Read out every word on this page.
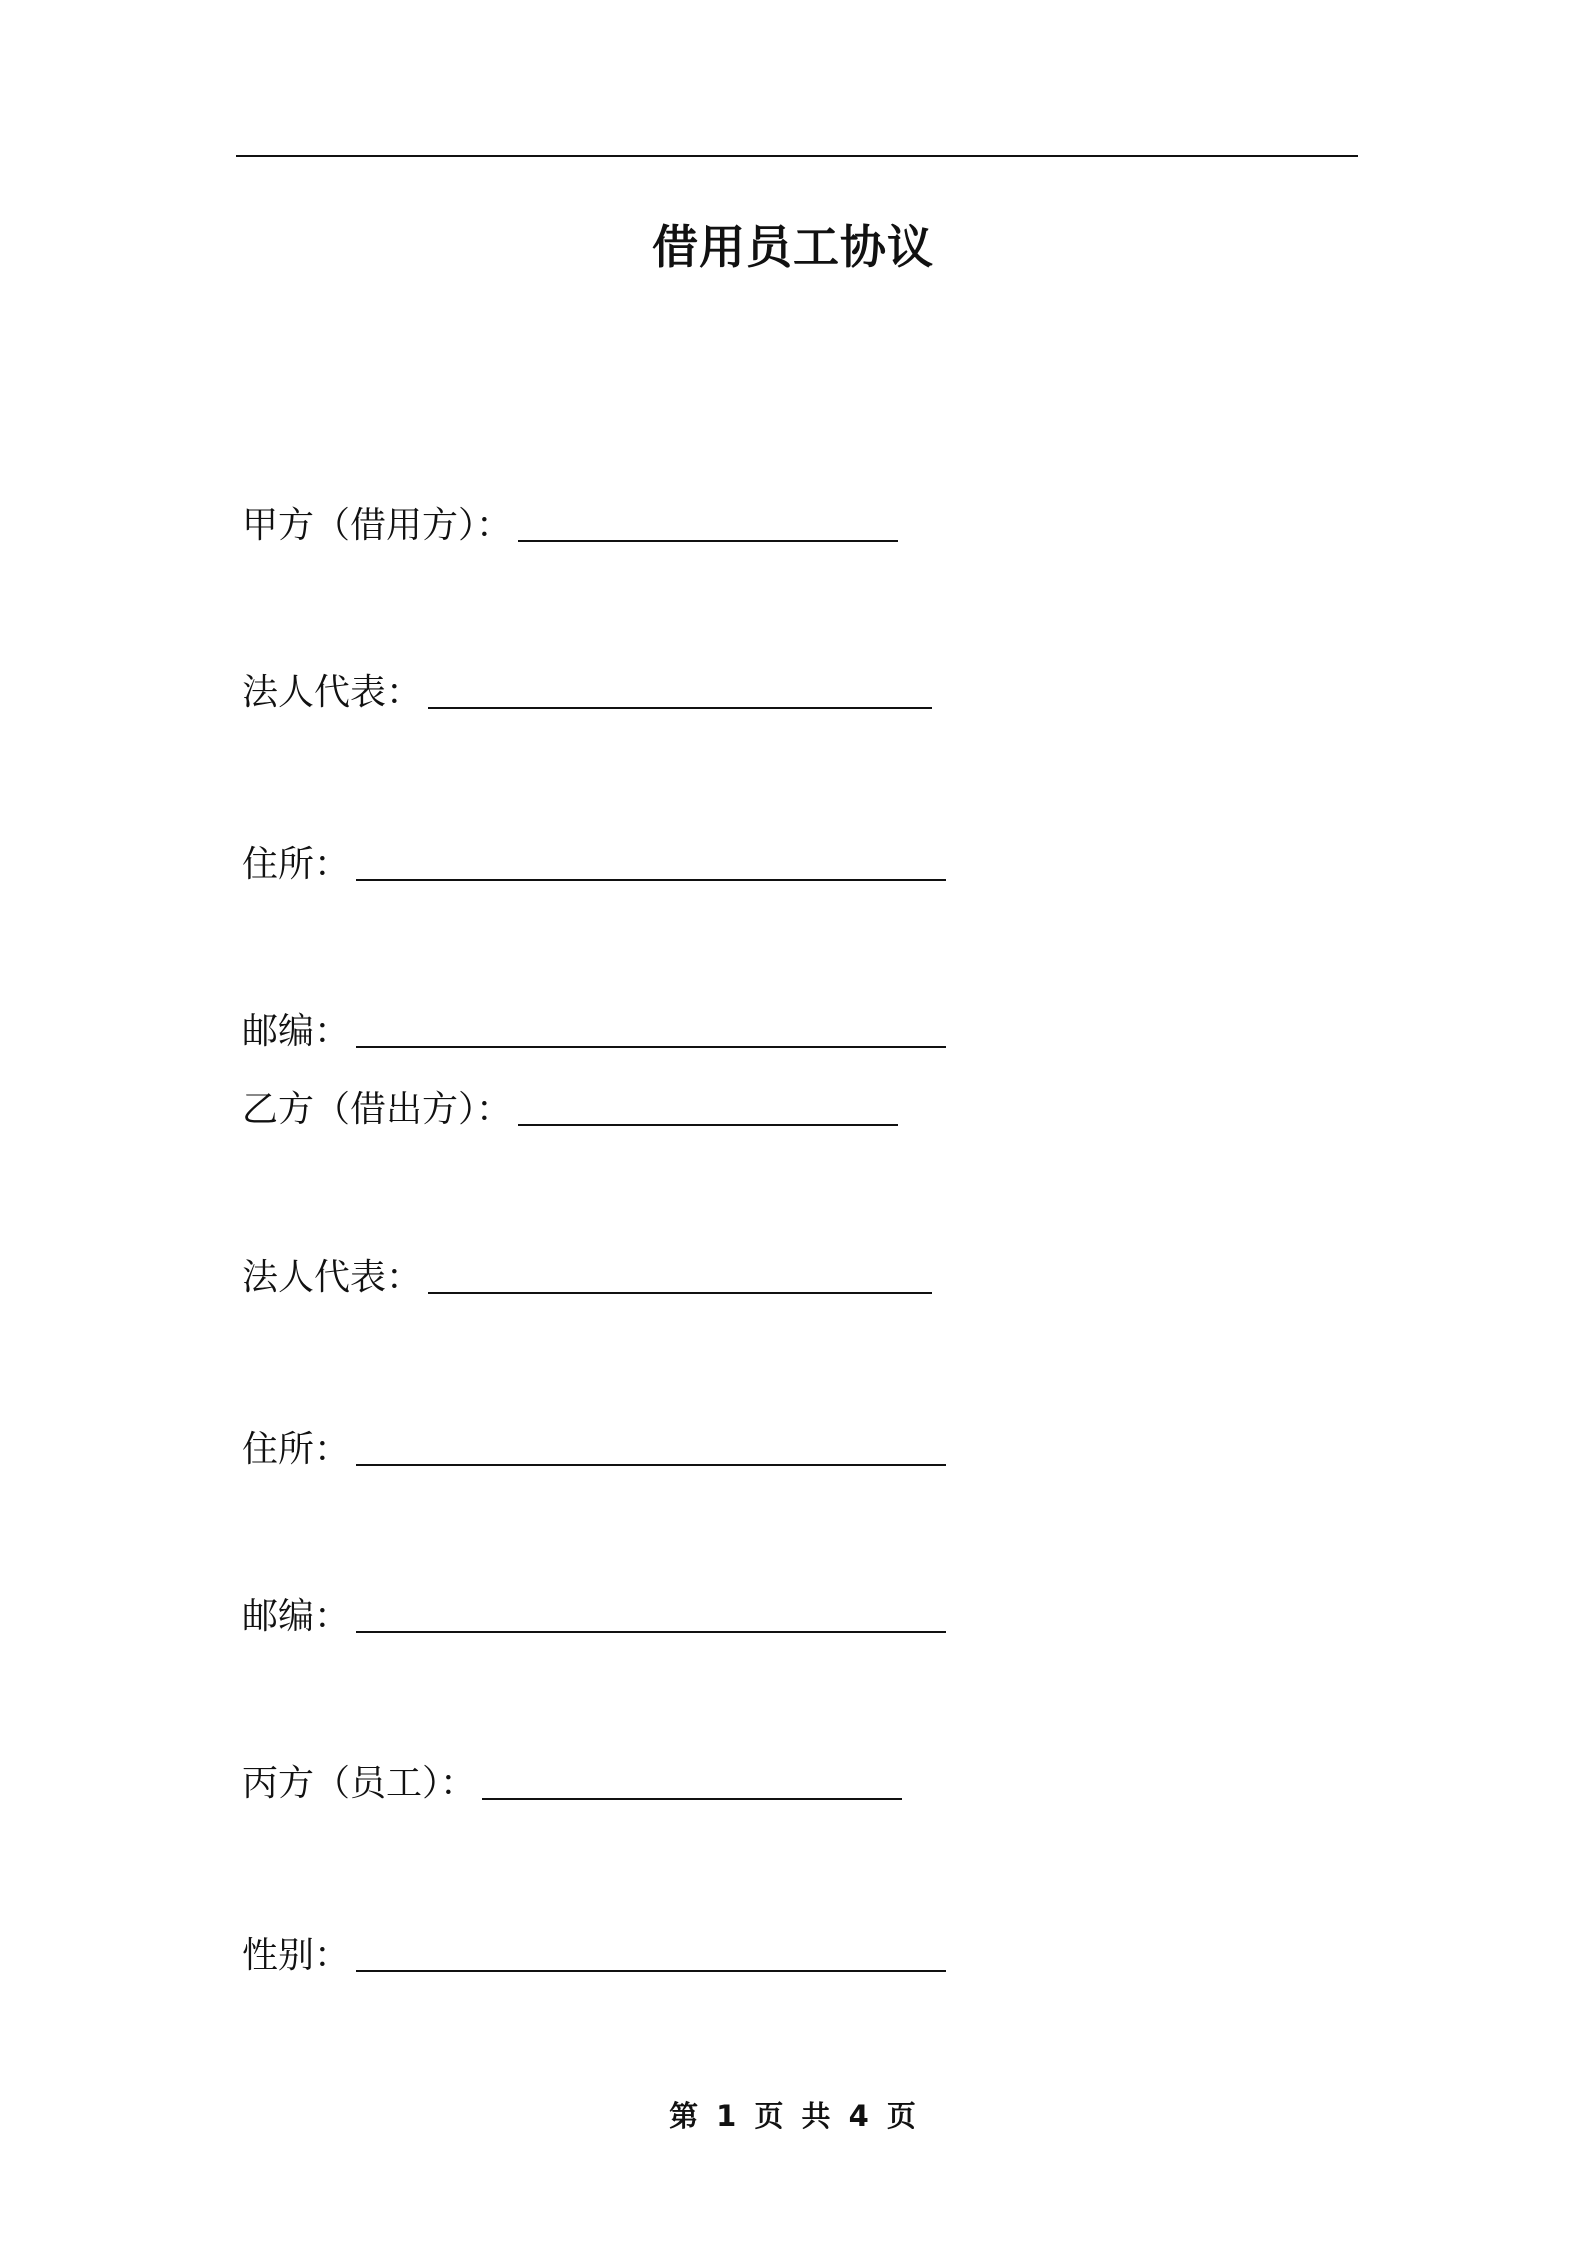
借用员工协议
甲方（借用方）：
法人代表：
住所：
邮编：
乙方（借出方）：
法人代表：
住所：
邮编：
丙方（员工）：
性别：
第 1 页 共 4 页
